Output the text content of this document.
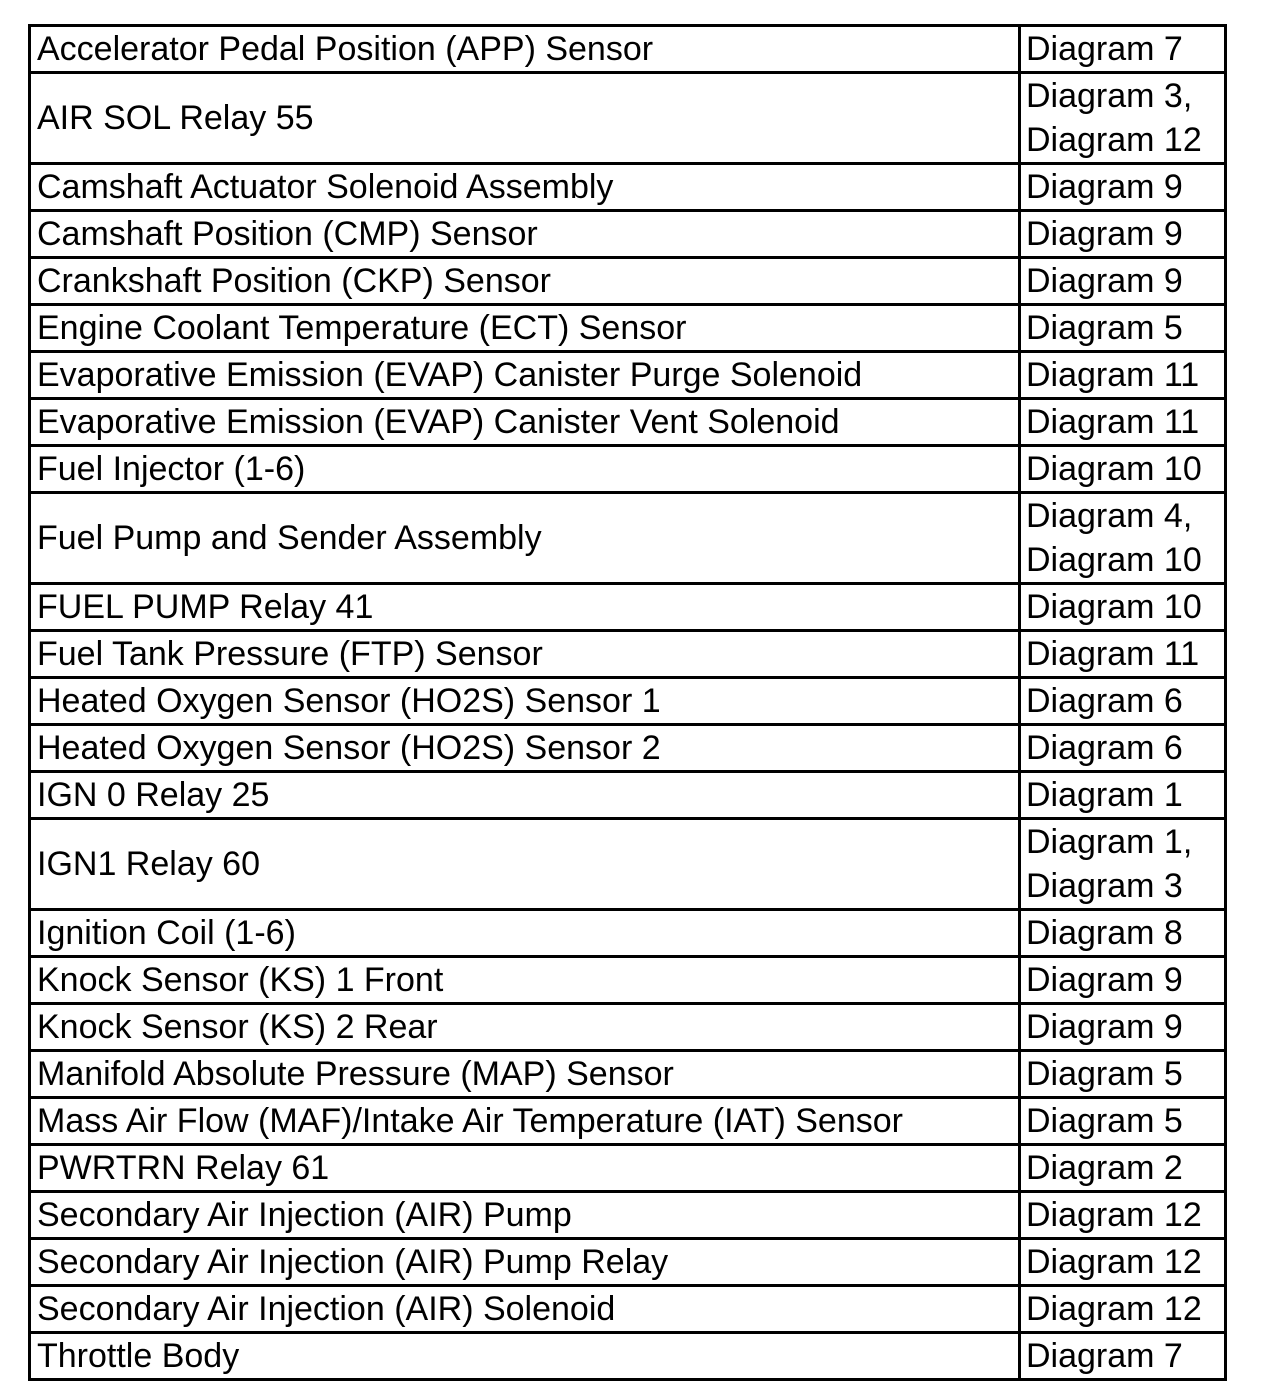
Accelerator Pedal Position (APP) Sensor	Diagram 7

AIR SOL Relay 55	Diagram 3,
Diagram 12

Camshaft Actuator Solenoid Assembly	Diagram 9

Camshaft Position (CMP) Sensor	Diagram 9

Crankshaft Position (CKP) Sensor	Diagram 9

Engine Coolant Temperature (ECT) Sensor	Diagram 5

Evaporative Emission (EVAP) Canister Purge Solenoid	Diagram 11

Evaporative Emission (EVAP) Canister Vent Solenoid	Diagram 11

Fuel Injector (1-6)	Diagram 10

Fuel Pump and Sender Assembly	Diagram 4,
Diagram 10

FUEL PUMP Relay 41	Diagram 10

Fuel Tank Pressure (FTP) Sensor	Diagram 11

Heated Oxygen Sensor (HO2S) Sensor 1	Diagram 6

Heated Oxygen Sensor (HO2S) Sensor 2	Diagram 6

IGN 0 Relay 25	Diagram 1

IGN1 Relay 60	Diagram 1,
Diagram 3

Ignition Coil (1-6)	Diagram 8

Knock Sensor (KS) 1 Front	Diagram 9

Knock Sensor (KS) 2 Rear	Diagram 9

Manifold Absolute Pressure (MAP) Sensor	Diagram 5

Mass Air Flow (MAF)/Intake Air Temperature (IAT) Sensor	Diagram 5

PWRTRN Relay 61	Diagram 2

Secondary Air Injection (AIR) Pump	Diagram 12

Secondary Air Injection (AIR) Pump Relay	Diagram 12

Secondary Air Injection (AIR) Solenoid	Diagram 12

Throttle Body	Diagram 7
